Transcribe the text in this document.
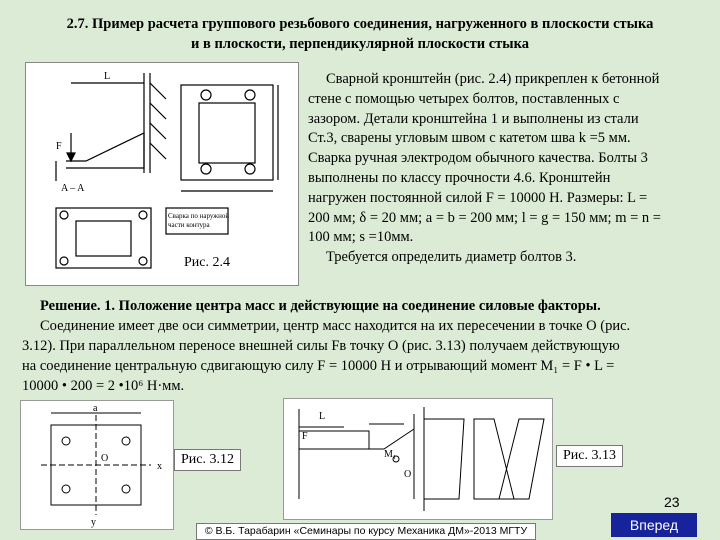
2.7. Пример расчета группового резьбового соединения, нагруженного в плоскости стыка
и в плоскости, перпендикулярной плоскости стыка
L
F
A – A
Сварка по наружной
части контура
Рис. 2.4
Сварной кронштейн (рис. 2.4) прикреплен к бетонной
стене с помощью четырех болтов, поставленных с
зазором. Детали кронштейна 1 и выполнены из стали
Ст.3, сварены угловым швом с катетом шва k =5 мм.
Сварка ручная электродом обычного качества. Болты 3
выполнены по классу прочности 4.6. Кронштейн
нагружен постоянной силой F = 10000 Н. Размеры: L =
200 мм; δ = 20 мм; a = b = 200 мм; l = g = 150 мм; m = n =
100 мм; s =10мм.
Требуется определить диаметр болтов 3.
Решение. 1. Положение центра масс и действующие на соединение силовые факторы.
Соединение имеет две оси симметрии, центр масс находится на их пересечении в точке O (рис.
3.12). При параллельном переносе внешней силы Fв точку O (рис. 3.13) получаем действующую
на соединение центральную сдвигающую силу F = 10000 Н и отрывающий момент M₁ = F • L =
10000 • 200 = 2 •10⁶ Н·мм.
a
O
x
y
Рис. 3.12
L
F
M₁
O
Рис. 3.13
23
© В.Б. Тарабарин «Семинары по курсу Механика ДМ»-2013 МГТУ	Вперед
